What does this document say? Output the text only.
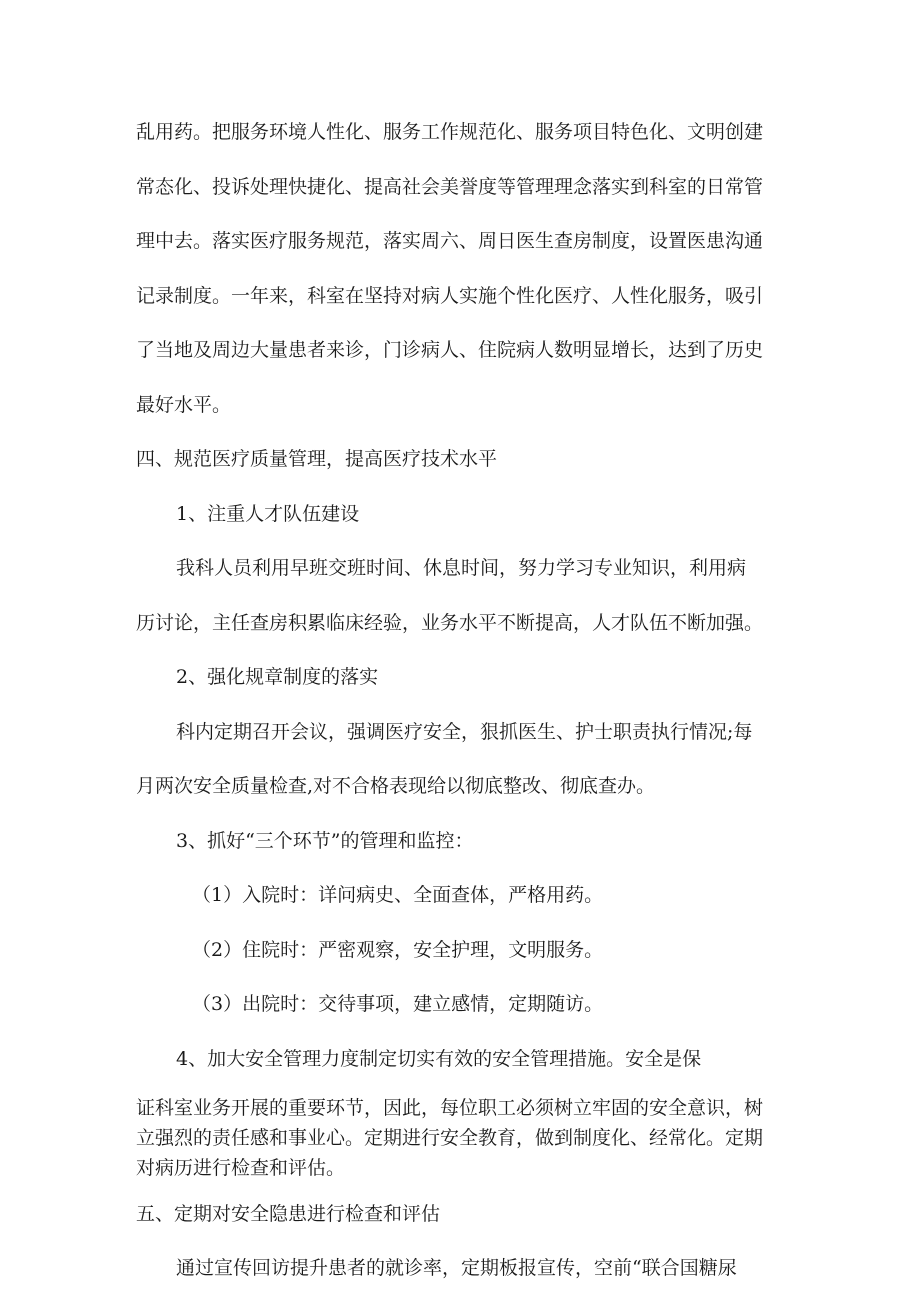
乱用药。把服务环境人性化、服务工作规范化、服务项目特色化、文明创建
常态化、投诉处理快捷化、提高社会美誉度等管理理念落实到科室的日常管
理中去。落实医疗服务规范，落实周六、周日医生查房制度，设置医患沟通
记录制度。一年来，科室在坚持对病人实施个性化医疗、人性化服务，吸引
了当地及周边大量患者来诊，门诊病人、住院病人数明显增长，达到了历史
最好水平。
四、规范医疗质量管理，提高医疗技术水平
1、注重人才队伍建设
我科人员利用早班交班时间、休息时间，努力学习专业知识，利用病
历讨论，主任查房积累临床经验，业务水平不断提高，人才队伍不断加强。
2、强化规章制度的落实
科内定期召开会议，强调医疗安全，狠抓医生、护士职责执行情况;每
月两次安全质量检查,对不合格表现给以彻底整改、彻底查办。
3、抓好“三个环节”的管理和监控：
（1）入院时：详问病史、全面查体，严格用药。
（2）住院时：严密观察，安全护理，文明服务。
（3）出院时：交待事项，建立感情，定期随访。
4、加大安全管理力度制定切实有效的安全管理措施。安全是保
证科室业务开展的重要环节，因此，每位职工必须树立牢固的安全意识，树
立强烈的责任感和事业心。定期进行安全教育，做到制度化、经常化。定期
对病历进行检查和评估。
五、定期对安全隐患进行检查和评估
通过宣传回访提升患者的就诊率，定期板报宣传，空前“联合国糖尿
